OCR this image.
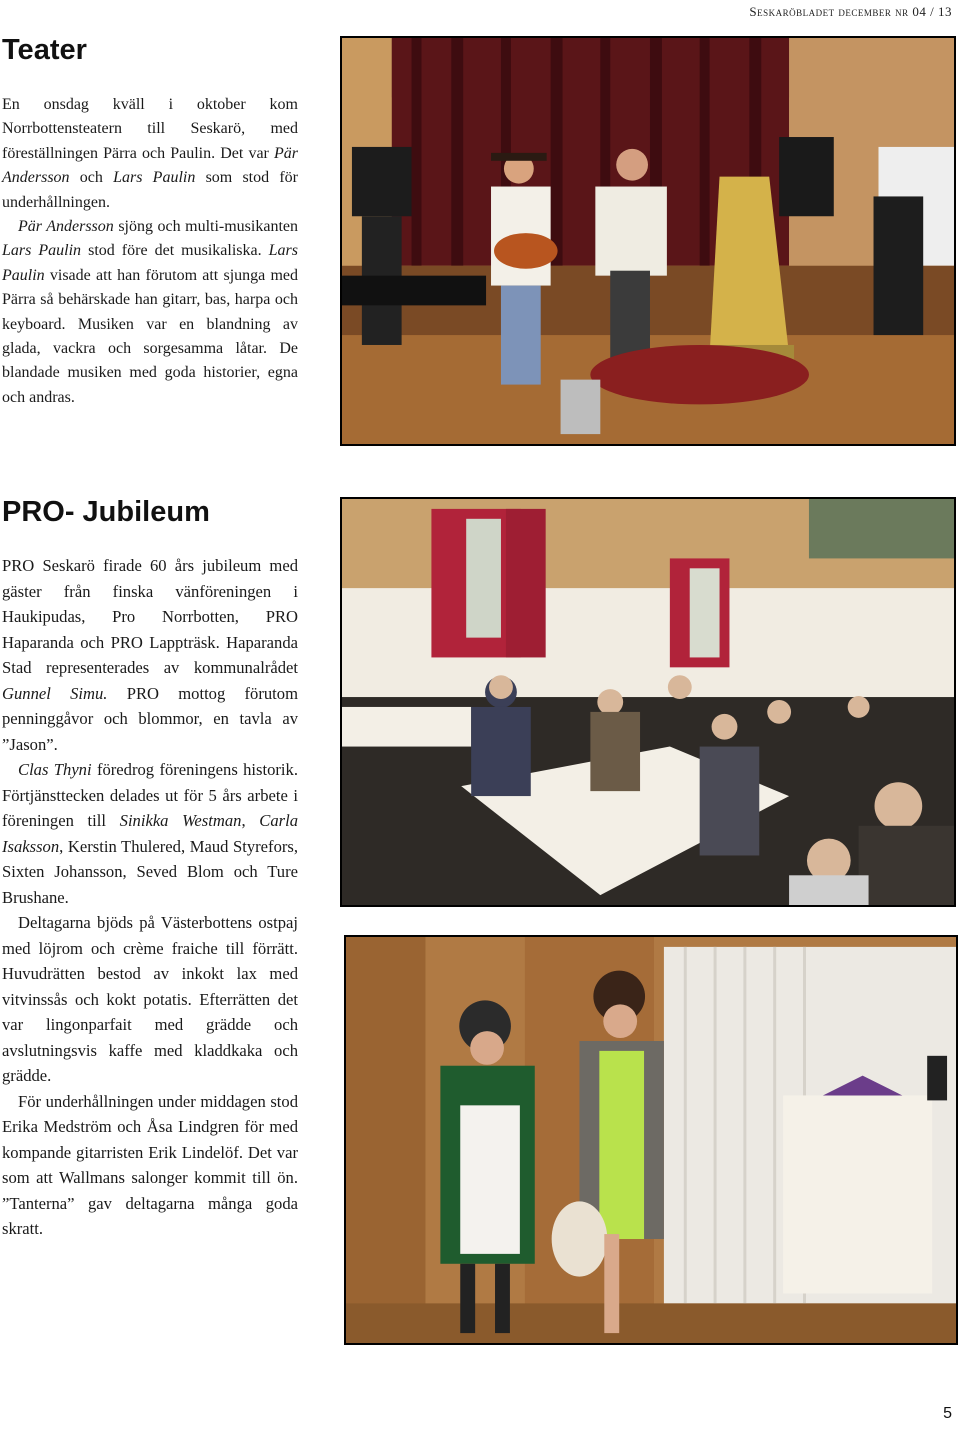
Seskaröbladet december nr 04 / 13
Teater

En onsdag kväll i oktober kom Norrbottensteatern till Seskarö, med föreställningen Pärra och Paulin. Det var Pär Andersson och Lars Paulin som stod för underhållningen.

Pär Andersson sjöng och multi-musikanten Lars Paulin stod före det musikaliska. Lars Paulin visade att han förutom att sjunga med Pärra så behärskade han gitarr, bas, harpa och keyboard. Musiken var en blandning av glada, vackra och sorgesamma låtar. De blandade musiken med goda historier, egna och andras.

PRO- Jubileum

PRO Seskarö firade 60 års jubileum med gäster från finska vänföreningen i Haukipudas, Pro Norrbotten, PRO Haparanda och PRO Lappträsk. Haparanda Stad representerades av kommunalrådet Gunnel Simu. PRO mottog förutom penninggåvor och blommor, en tavla av ”Jason”.

Clas Thyni föredrog föreningens historik. Förtjänsttecken delades ut för 5 års arbete i föreningen till Sinikka Westman, Carla Isaksson, Kerstin Thulered, Maud Styrefors, Sixten Johansson, Seved Blom och Ture Brushane.

Deltagarna bjöds på Västerbottens ostpaj med löjrom och crème fraiche till förrätt. Huvudrätten bestod av inkokt lax med vitvinssås och kokt potatis. Efterrätten det var lingonparfait med grädde och avslutningsvis kaffe med kladdkaka och grädde.

För underhållningen under middagen stod Erika Medström och Åsa Lindgren för med kompande gitarristen Erik Lindelöf. Det var som att Wallmans salonger kommit till ön. ”Tanterna” gav deltagarna många goda skratt.

5
